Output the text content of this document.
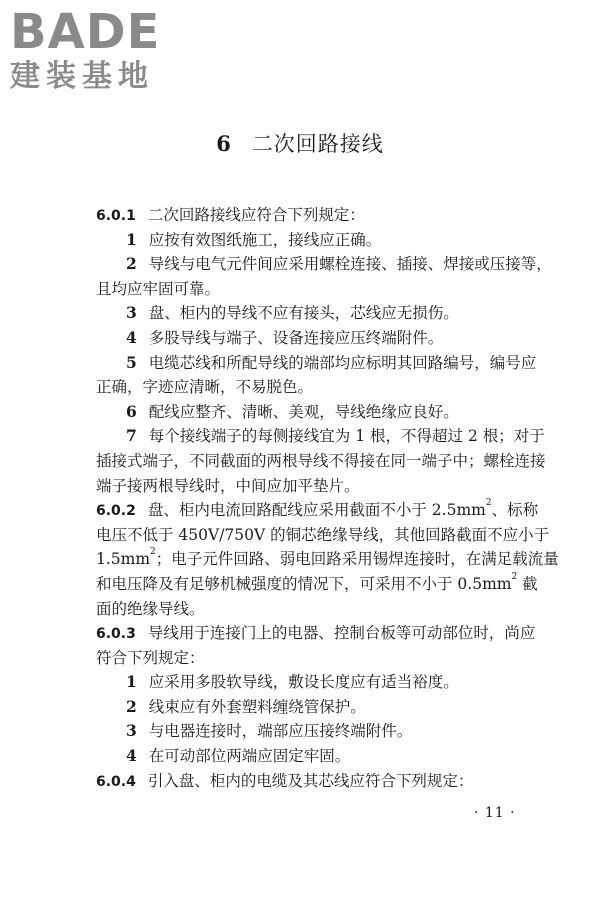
BADE
建装基地
6 二次回路接线
6.0.1 二次回路接线应符合下列规定：
1 应按有效图纸施工，接线应正确。
2 导线与电气元件间应采用螺栓连接、插接、焊接或压接等，
且均应牢固可靠。
3 盘、柜内的导线不应有接头，芯线应无损伤。
4 多股导线与端子、设备连接应压终端附件。
5 电缆芯线和所配导线的端部均应标明其回路编号，编号应
正确，字迹应清晰，不易脱色。
6 配线应整齐、清晰、美观，导线绝缘应良好。
7 每个接线端子的每侧接线宜为 1 根，不得超过 2 根；对于
插接式端子，不同截面的两根导线不得接在同一端子中；螺栓连接
端子接两根导线时，中间应加平垫片。
6.0.2 盘、柜内电流回路配线应采用截面不小于 $2.5mm^2$、标称
电压不低于 450V/750V 的铜芯绝缘导线，其他回路截面不应小于
$1.5mm^2$；电子元件回路、弱电回路采用锡焊连接时，在满足载流量
和电压降及有足够机械强度的情况下，可采用不小于 $0.5mm^2$ 截
面的绝缘导线。
6.0.3 导线用于连接门上的电器、控制台板等可动部位时，尚应
符合下列规定：
1 应采用多股软导线，敷设长度应有适当裕度。
2 线束应有外套塑料缠绕管保护。
3 与电器连接时，端部应压接终端附件。
4 在可动部位两端应固定牢固。
6.0.4 引入盘、柜内的电缆及其芯线应符合下列规定：
· 11 ·
